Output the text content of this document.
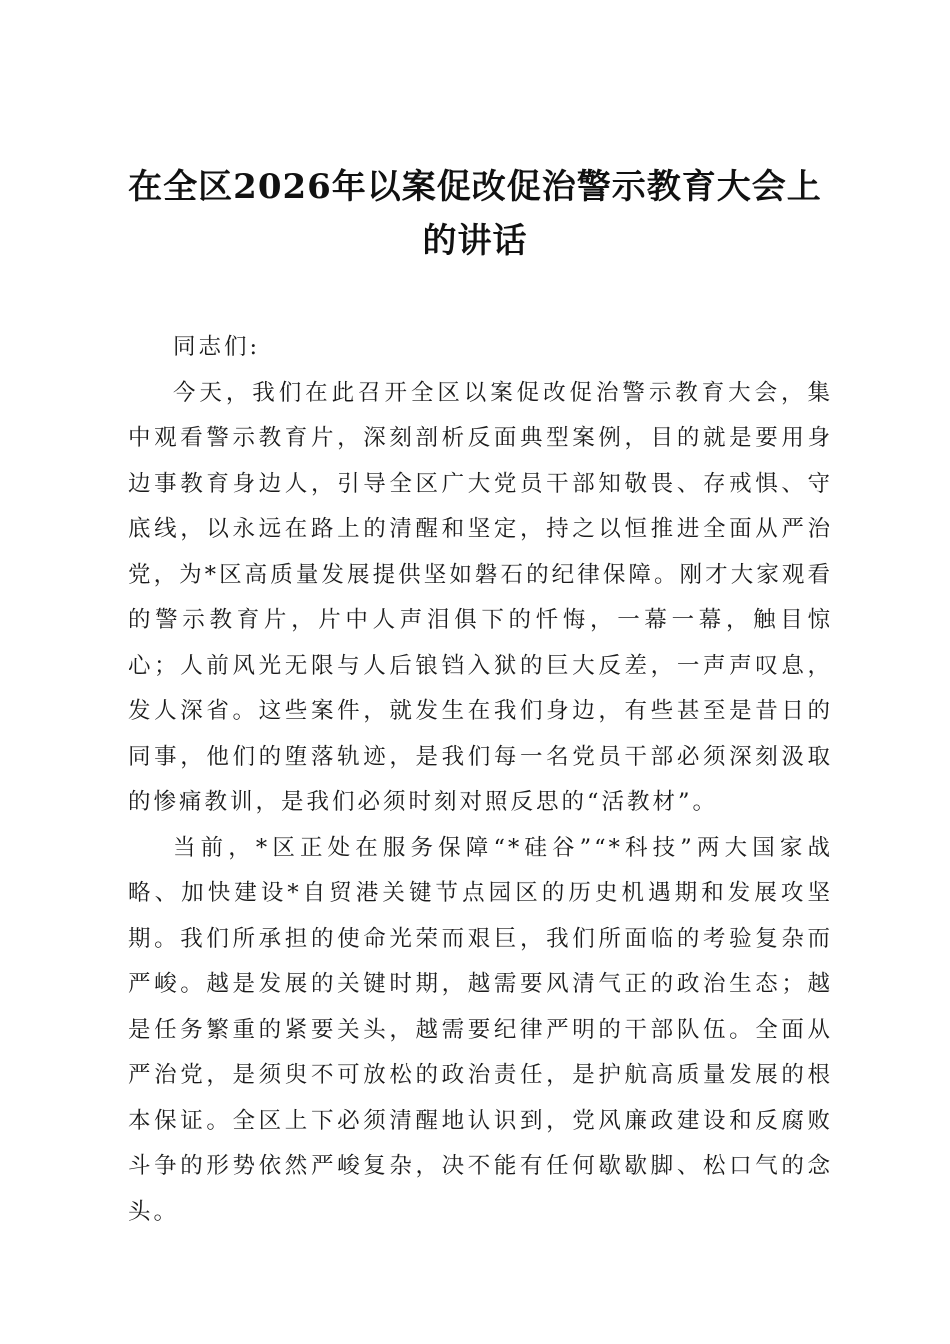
在全区2026年以案促改促治警示教育大会上
的讲话

同志们:

今天，我们在此召开全区以案促改促治警示教育大会，集中观看警示教育片，深刻剖析反面典型案例，目的就是要用身边事教育身边人，引导全区广大党员干部知敬畏、存戒惧、守底线，以永远在路上的清醒和坚定，持之以恒推进全面从严治党，为*区高质量发展提供坚如磐石的纪律保障。刚才大家观看的警示教育片，片中人声泪俱下的忏悔，一幕一幕，触目惊心；人前风光无限与人后锒铛入狱的巨大反差，一声声叹息，发人深省。这些案件，就发生在我们身边，有些甚至是昔日的同事，他们的堕落轨迹，是我们每一名党员干部必须深刻汲取的惨痛教训，是我们必须时刻对照反思的“活教材”。

当前，*区正处在服务保障“*硅谷”“*科技”两大国家战略、加快建设*自贸港关键节点园区的历史机遇期和发展攻坚期。我们所承担的使命光荣而艰巨，我们所面临的考验复杂而严峻。越是发展的关键时期，越需要风清气正的政治生态；越是任务繁重的紧要关头，越需要纪律严明的干部队伍。全面从严治党，是须臾不可放松的政治责任，是护航高质量发展的根本保证。全区上下必须清醒地认识到，党风廉政建设和反腐败斗争的形势依然严峻复杂，决不能有任何歇歇脚、松口气的念头。
